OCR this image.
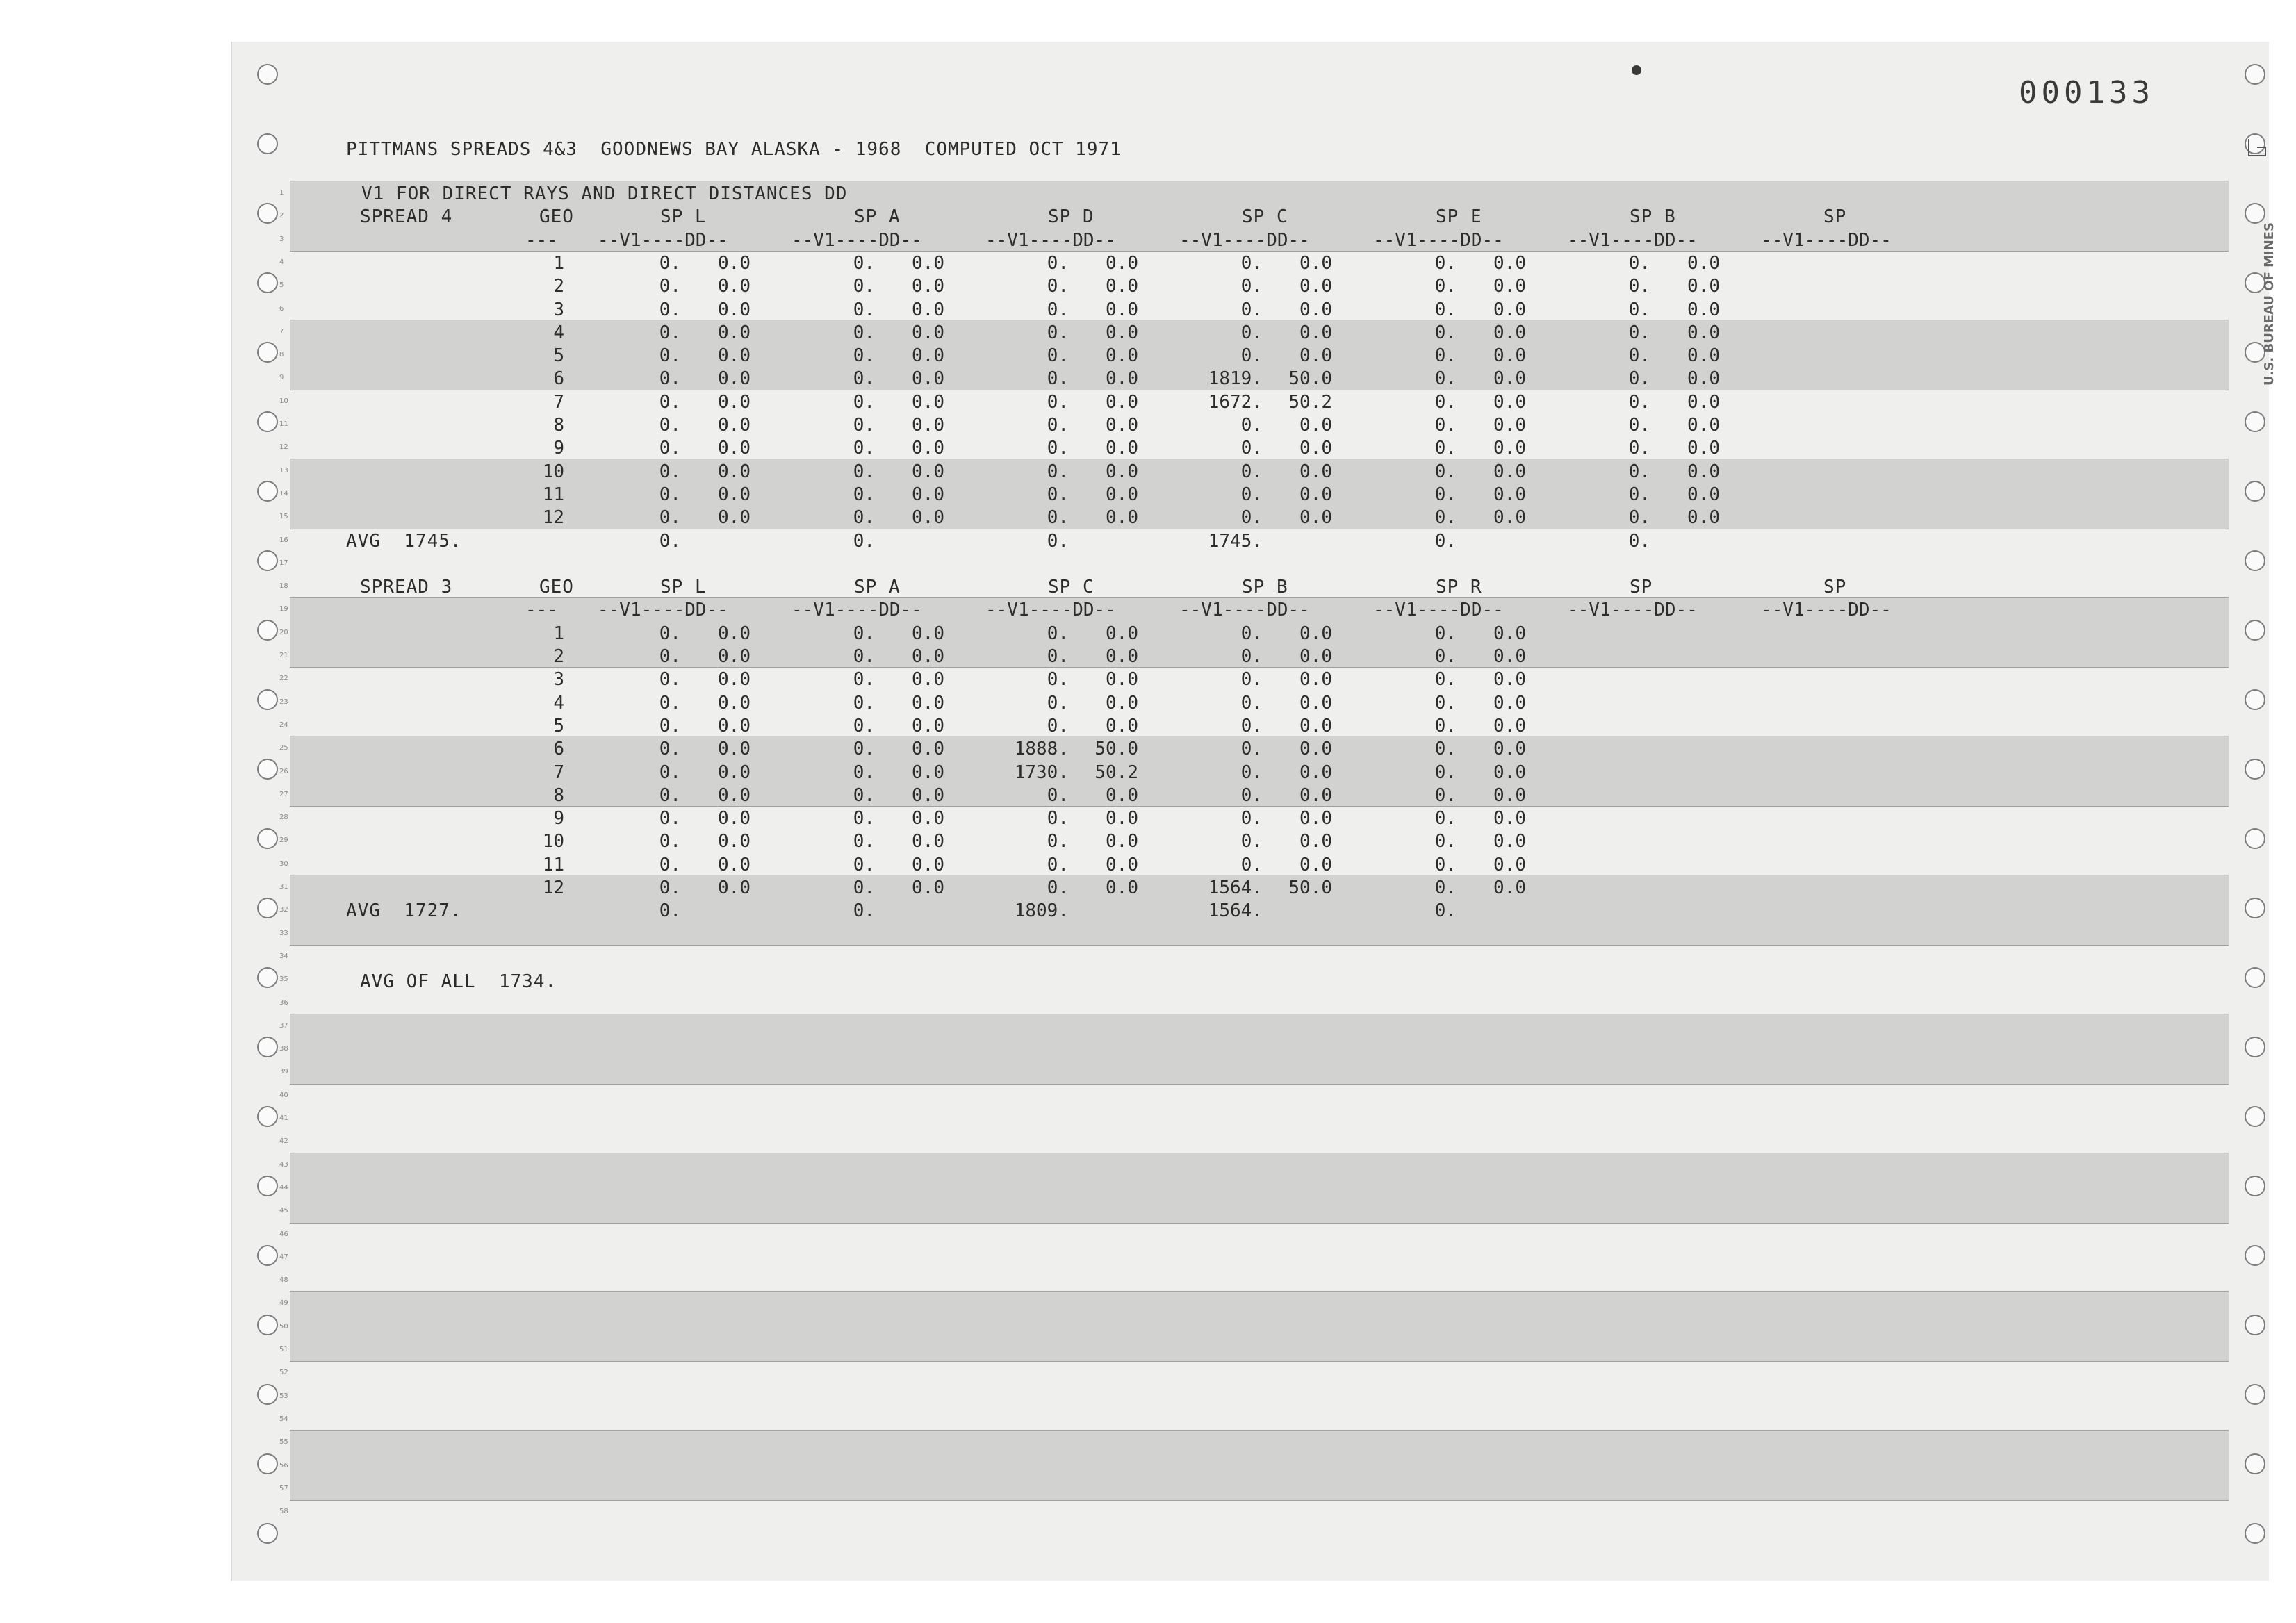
1
2
3
4
5
6
7
8
9
10
11
12
13
14
15
16
17
18
19
20
21
22
23
24
25
26
27
28
29
30
31
32
33
34
35
36
37
38
39
40
41
42
43
44
45
46
47
48
49
50
51
52
53
54
55
56
57
58
000133
PITTMANS SPREADS 4&3  GOODNEWS BAY ALASKA - 1968  COMPUTED OCT 1971
V1 FOR DIRECT RAYS AND DIRECT DISTANCES DD
U.S. BUREAU OF MINES
SPREAD 4	GEO	SP L	SP A	SP D	SP C	SP E	SP B	SP
--- --V1----DD--	--V1----DD--	--V1----DD--	--V1----DD--	--V1----DD--	--V1----DD--	--V1----DD--
1	0.	0.0	0.	0.0	0.	0.0	0.	0.0	0.	0.0	0.	0.0
2	0.	0.0	0.	0.0	0.	0.0	0.	0.0	0.	0.0	0.	0.0
3	0.	0.0	0.	0.0	0.	0.0	0.	0.0	0.	0.0	0.	0.0
4	0.	0.0	0.	0.0	0.	0.0	0.	0.0	0.	0.0	0.	0.0
5	0.	0.0	0.	0.0	0.	0.0	0.	0.0	0.	0.0	0.	0.0
6	0.	0.0	0.	0.0	0.	0.0	1819.	50.0	0.	0.0	0.	0.0
7	0.	0.0	0.	0.0	0.	0.0	1672.	50.2	0.	0.0	0.	0.0
8	0.	0.0	0.	0.0	0.	0.0	0.	0.0	0.	0.0	0.	0.0
9	0.	0.0	0.	0.0	0.	0.0	0.	0.0	0.	0.0	0.	0.0
10	0.	0.0	0.	0.0	0.	0.0	0.	0.0	0.	0.0	0.	0.0
11	0.	0.0	0.	0.0	0.	0.0	0.	0.0	0.	0.0	0.	0.0
12	0.	0.0	0.	0.0	0.	0.0	0.	0.0	0.	0.0	0.	0.0
AVG  1745.	0.	0.	0.	1745.	0.	0.
SPREAD 3	GEO	SP L	SP A	SP C	SP B	SP R	SP	SP
--- --V1----DD--	--V1----DD--	--V1----DD--	--V1----DD--	--V1----DD--	--V1----DD--	--V1----DD--
1	0.	0.0	0.	0.0	0.	0.0	0.	0.0	0.	0.0
2	0.	0.0	0.	0.0	0.	0.0	0.	0.0	0.	0.0
3	0.	0.0	0.	0.0	0.	0.0	0.	0.0	0.	0.0
4	0.	0.0	0.	0.0	0.	0.0	0.	0.0	0.	0.0
5	0.	0.0	0.	0.0	0.	0.0	0.	0.0	0.	0.0
6	0.	0.0	0.	0.0	1888.	50.0	0.	0.0	0.	0.0
7	0.	0.0	0.	0.0	1730.	50.2	0.	0.0	0.	0.0
8	0.	0.0	0.	0.0	0.	0.0	0.	0.0	0.	0.0
9	0.	0.0	0.	0.0	0.	0.0	0.	0.0	0.	0.0
10	0.	0.0	0.	0.0	0.	0.0	0.	0.0	0.	0.0
11	0.	0.0	0.	0.0	0.	0.0	0.	0.0	0.	0.0
12	0.	0.0	0.	0.0	0.	0.0	1564.	50.0	0.	0.0
AVG  1727.	0.	0.	1809.	1564.	0.
AVG OF ALL  1734.
